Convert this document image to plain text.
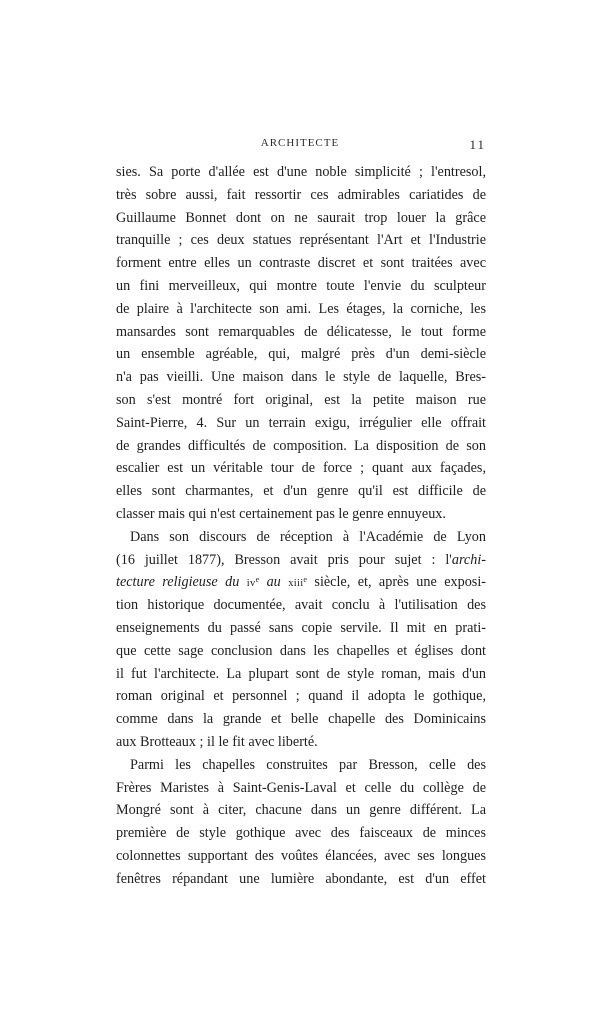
ARCHITECTE	11
sies. Sa porte d'allée est d'une noble simplicité ; l'entresol,
très sobre aussi, fait ressortir ces admirables cariatides de
Guillaume Bonnet dont on ne saurait trop louer la grâce
tranquille ; ces deux statues représentant l'Art et l'Industrie
forment entre elles un contraste discret et sont traitées avec
un fini merveilleux, qui montre toute l'envie du sculpteur
de plaire à l'architecte son ami. Les étages, la corniche, les
mansardes sont remarquables de délicatesse, le tout forme
un ensemble agréable, qui, malgré près d'un demi-siècle
n'a pas vieilli. Une maison dans le style de laquelle, Bres-
son s'est montré fort original, est la petite maison rue
Saint-Pierre, 4. Sur un terrain exigu, irrégulier elle offrait
de grandes difficultés de composition. La disposition de son
escalier est un véritable tour de force ; quant aux façades,
elles sont charmantes, et d'un genre qu'il est difficile de
classer mais qui n'est certainement pas le genre ennuyeux.
Dans son discours de réception à l'Académie de Lyon
(16 juillet 1877), Bresson avait pris pour sujet : l'archi-
tecture religieuse du $iv^e$ au xiii$^e$ siècle, et, après une exposi-
tion historique documentée, avait conclu à l'utilisation des
enseignements du passé sans copie servile. Il mit en prati-
que cette sage conclusion dans les chapelles et églises dont
il fut l'architecte. La plupart sont de style roman, mais d'un
roman original et personnel ; quand il adopta le gothique,
comme dans la grande et belle chapelle des Dominicains
aux Brotteaux ; il le fit avec liberté.
Parmi les chapelles construites par Bresson, celle des
Frères Maristes à Saint-Genis-Laval et celle du collège de
Mongré sont à citer, chacune dans un genre différent. La
première de style gothique avec des faisceaux de minces
colonnettes supportant des voûtes élancées, avec ses longues
fenêtres répandant une lumière abondante, est d'un effet
